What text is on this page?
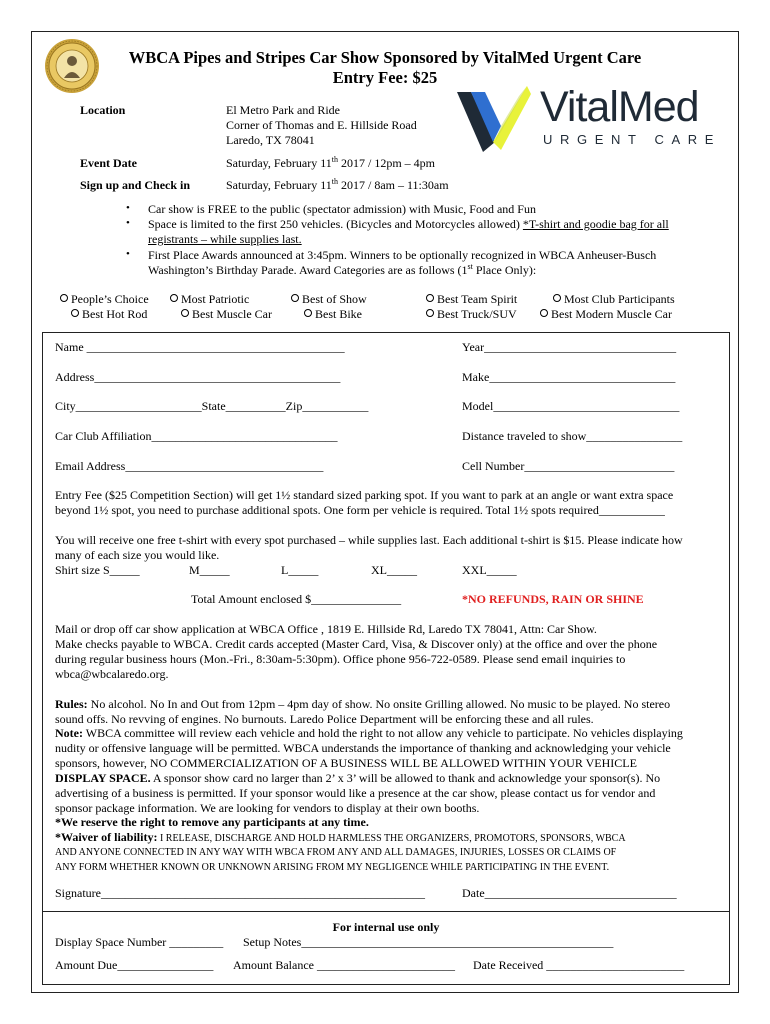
WBCA Pipes and Stripes Car Show Sponsored by VitalMed Urgent Care
Entry Fee: $25
VitalMed
URGENT CARE
Location	El Metro Park and Ride
Corner of Thomas and E. Hillside Road
Laredo, TX 78041
Event Date	Saturday, February 11th 2017 / 12pm – 4pm
Sign up and Check in	Saturday, February 11th 2017 / 8am – 11:30am
• Car show is FREE to the public (spectator admission) with Music, Food and Fun
• Space is limited to the first 250 vehicles. (Bicycles and Motorcycles allowed) *T-shirt and goodie bag for all
registrants – while supplies last.
• First Place Awards announced at 3:45pm. Winners to be optionally recognized in WBCA Anheuser-Busch
Washington’s Birthday Parade. Award Categories are as follows (1st Place Only):
People’s Choice	Most Patriotic	Best of Show	Best Team Spirit	Most Club Participants
Best Hot Rod	Best Muscle Car	Best Bike	Best Truck/SUV	Best Modern Muscle Car
Name ___________________________________________	Year________________________________
Address_________________________________________	Make_______________________________
City_____________________State__________Zip___________	Model_______________________________
Car Club Affiliation_______________________________	Distance traveled to show________________
Email Address_________________________________	Cell Number_________________________
Entry Fee ($25 Competition Section) will get 1½ standard sized parking spot. If you want to park at an angle or want extra space
beyond 1½ spot, you need to purchase additional spots. One form per vehicle is required. Total 1½ spots required___________
You will receive one free t-shirt with every spot purchased – while supplies last. Each additional t-shirt is $15. Please indicate how
many of each size you would like.
Shirt size S_____	M_____	L_____	XL_____	XXL_____
Total Amount enclosed $_______________	*NO REFUNDS, RAIN OR SHINE
Mail or drop off car show application at WBCA Office , 1819 E. Hillside Rd, Laredo TX 78041, Attn: Car Show.
Make checks payable to WBCA. Credit cards accepted (Master Card, Visa, & Discover only) at the office and over the phone
during regular business hours (Mon.-Fri., 8:30am-5:30pm). Office phone 956-722-0589. Please send email inquiries to
wbca@wbcalaredo.org.
Rules: No alcohol. No In and Out from 12pm – 4pm day of show. No onsite Grilling allowed. No music to be played. No stereo
sound offs. No revving of engines. No burnouts. Laredo Police Department will be enforcing these and all rules.
Note: WBCA committee will review each vehicle and hold the right to not allow any vehicle to participate. No vehicles displaying
nudity or offensive language will be permitted. WBCA understands the importance of thanking and acknowledging your vehicle
sponsors, however, NO COMMERCIALIZATION OF A BUSINESS WILL BE ALLOWED WITHIN YOUR VEHICLE
DISPLAY SPACE. A sponsor show card no larger than 2’ x 3’ will be allowed to thank and acknowledge your sponsor(s). No
advertising of a business is permitted. If your sponsor would like a presence at the car show, please contact us for vendor and
sponsor package information. We are looking for vendors to display at their own booths.
*We reserve the right to remove any participants at any time.
*Waiver of liability: I RELEASE, DISCHARGE AND HOLD HARMLESS THE ORGANIZERS, PROMOTORS, SPONSORS, WBCA
AND ANYONE CONNECTED IN ANY WAY WITH WBCA FROM ANY AND ALL DAMAGES, INJURIES, LOSSES OR CLAIMS OF
ANY FORM WHETHER KNOWN OR UNKNOWN ARISING FROM MY NEGLIGENCE WHILE PARTICIPATING IN THE EVENT.
Signature______________________________________________________	Date________________________________
For internal use only
Display Space Number _________ Setup Notes____________________________________________________
Amount Due________________ Amount Balance _______________________ Date Received _______________________
